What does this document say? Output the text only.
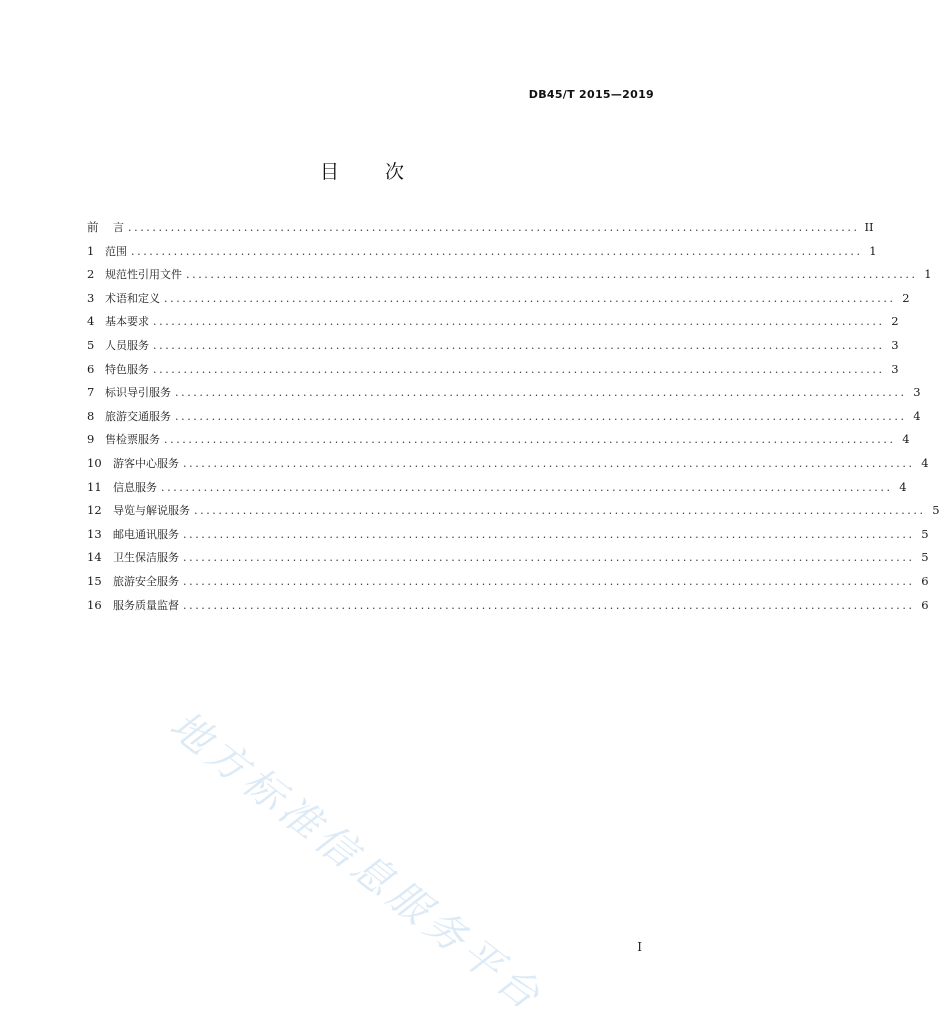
DB45/T 2015—2019
目 次
前	言 ........................................................................................................................ II
1 范围 ........................................................................................................................ 1
2 规范性引用文件 ........................................................................................................................ 1
3 术语和定义 ........................................................................................................................ 2
4 基本要求 ........................................................................................................................ 2
5 人员服务 ........................................................................................................................ 3
6 特色服务 ........................................................................................................................ 3
7 标识导引服务 ........................................................................................................................ 3
8 旅游交通服务 ........................................................................................................................ 4
9 售检票服务 ........................................................................................................................ 4
10	游客中心服务 ........................................................................................................................ 4
11	信息服务 ........................................................................................................................ 4
12	导览与解说服务 ........................................................................................................................ 5
13	邮电通讯服务 ........................................................................................................................ 5
14	卫生保洁服务 ........................................................................................................................ 5
15	旅游安全服务 ........................................................................................................................ 6
16	服务质量监督 ........................................................................................................................ 6
地方标准信息服务平台	I
